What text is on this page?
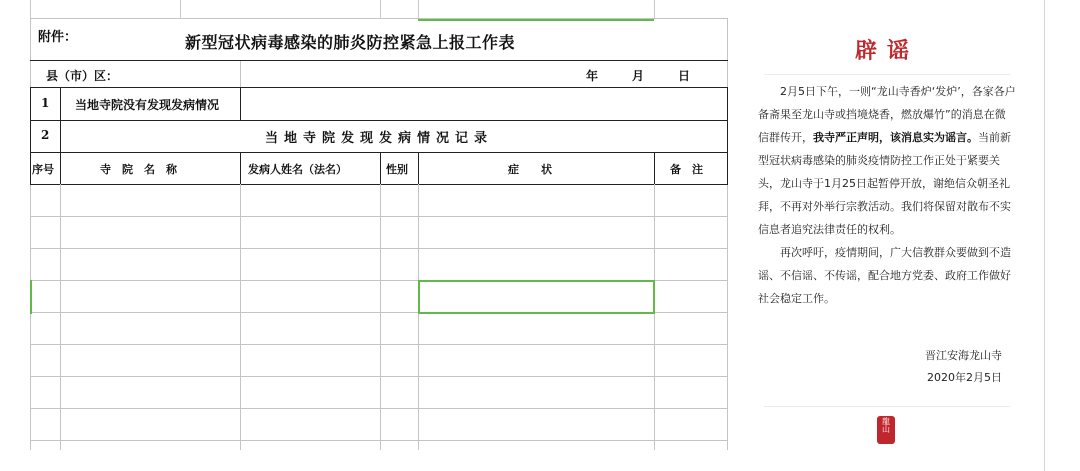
附件：	新型冠状病毒感染的肺炎防控紧急上报工作表
县（市）区：	年	月	日
1 当地寺院没有发现发病情况
2	当地寺院发现发病情况记录
序号	寺　院　名　称	发病人姓名（法名）	性别	症　　状	备　注
辟谣

2月5日下午，一则“龙山寺香炉‘发炉’，各家各户备斋果至龙山寺或挡境烧香，燃放爆竹”的消息在微信群传开，我寺严正声明，该消息实为谣言。当前新型冠状病毒感染的肺炎疫情防控工作正处于紧要关头，龙山寺于1月25日起暂停开放，谢绝信众朝圣礼拜，不再对外举行宗教活动。我们将保留对散布不实信息者追究法律责任的权利。

再次呼吁，疫情期间，广大信教群众要做到不造谣、不信谣、不传谣，配合地方党委、政府工作做好社会稳定工作。

晋江安海龙山寺
2020年2月5日
龍山
